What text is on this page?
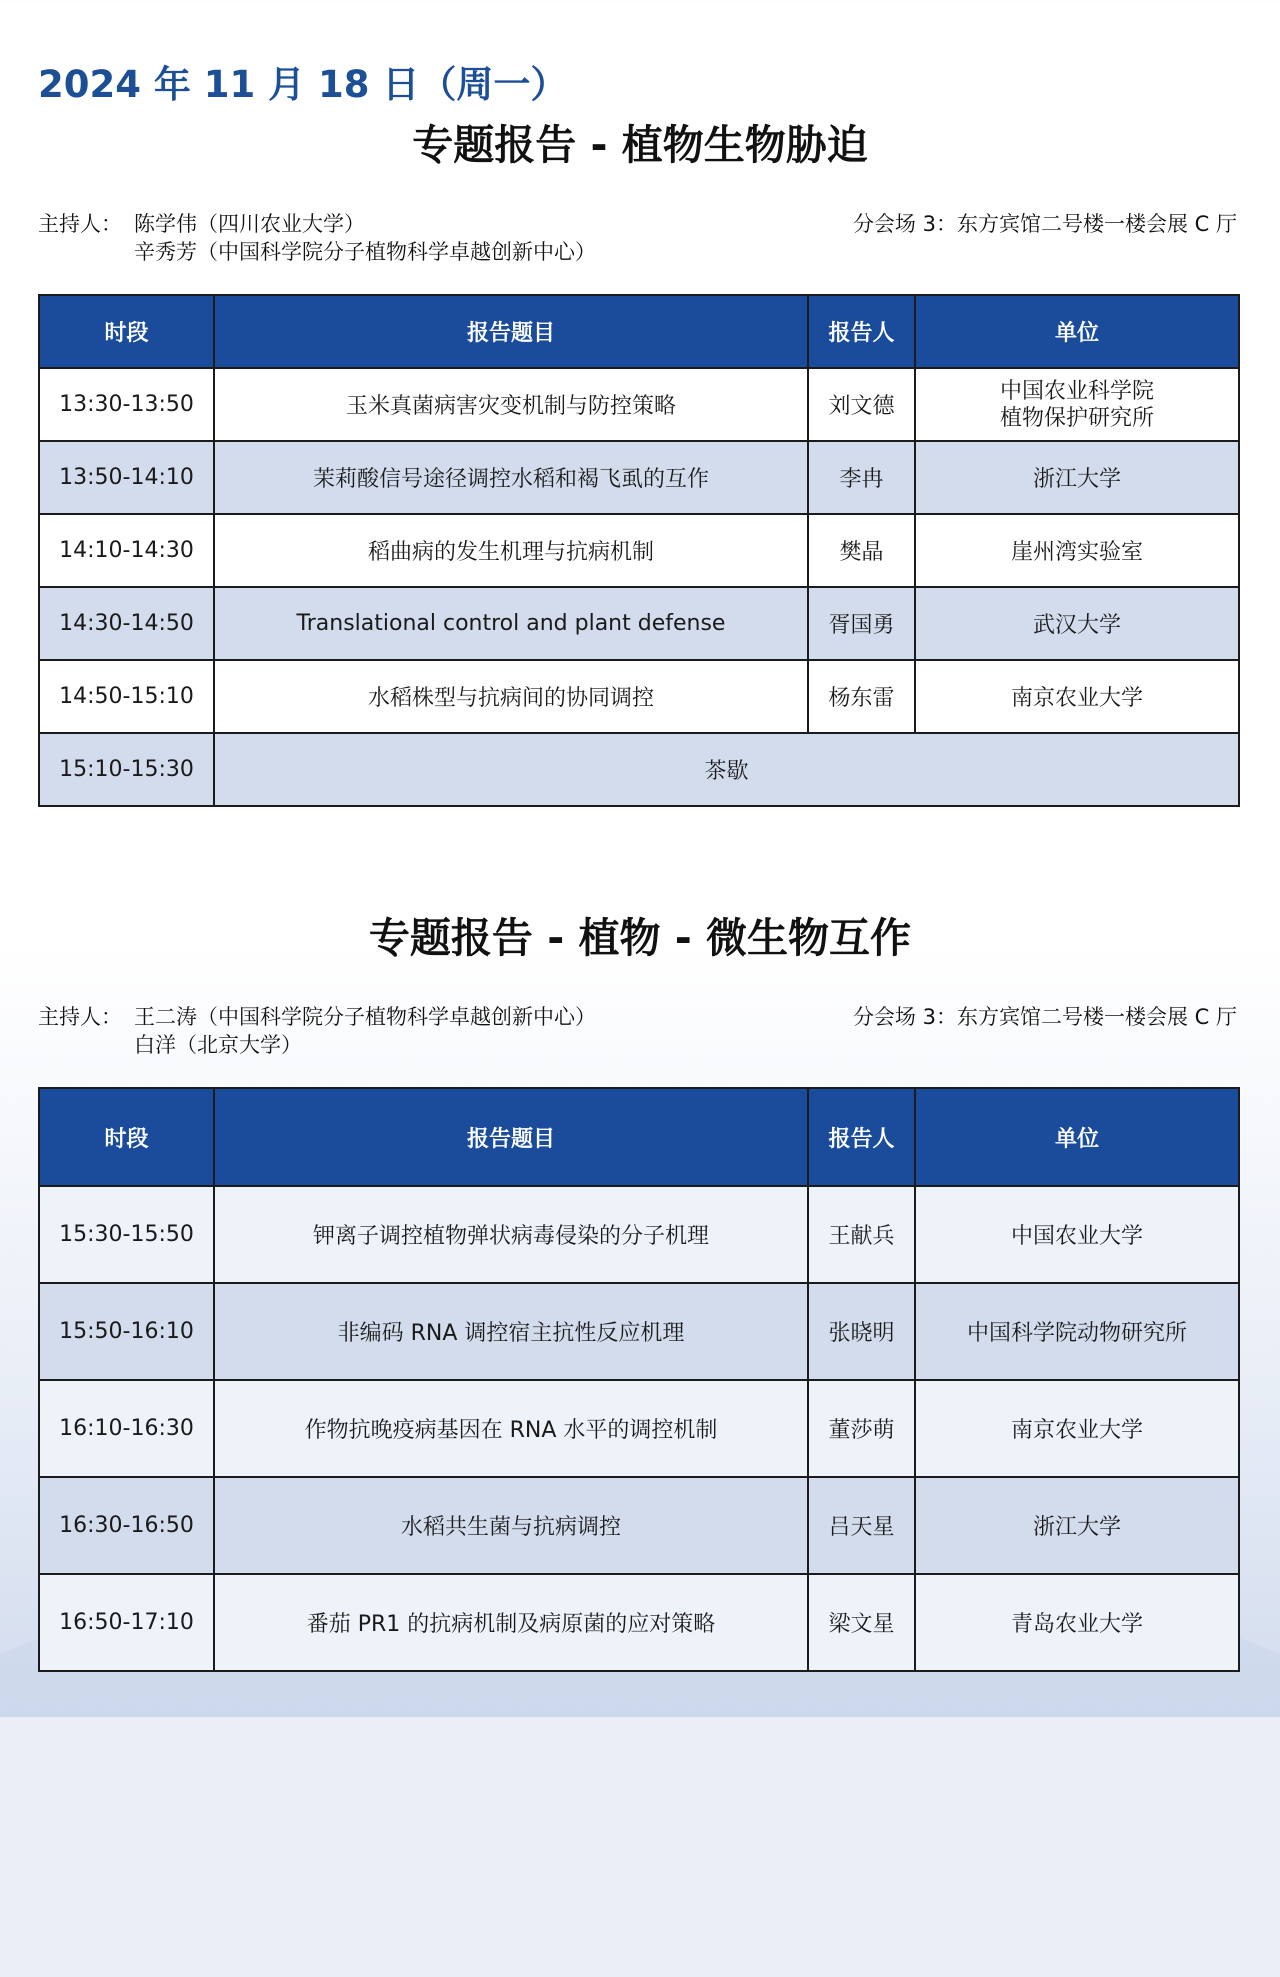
2024 年 11 月 18 日（周一）
专题报告 - 植物生物胁迫
主持人： 陈学伟（四川农业大学）
辛秀芳（中国科学院分子植物科学卓越创新中心）
分会场 3：东方宾馆二号楼一楼会展 C 厅
时段	报告题目	报告人	单位
13:30-13:50	玉米真菌病害灾变机制与防控策略	刘文德	中国农业科学院
植物保护研究所

13:50-14:10	茉莉酸信号途径调控水稻和褐飞虱的互作	李冉	浙江大学
14:10-14:30	稻曲病的发生机理与抗病机制	樊晶	崖州湾实验室
14:30-14:50	Translational control and plant defense	胥国勇	武汉大学
14:50-15:10	水稻株型与抗病间的协同调控	杨东雷	南京农业大学
15:10-15:30	茶歇		
专题报告 - 植物 - 微生物互作
主持人： 王二涛（中国科学院分子植物科学卓越创新中心）
白洋（北京大学）
分会场 3：东方宾馆二号楼一楼会展 C 厅
时段	报告题目	报告人	单位
15:30-15:50	钾离子调控植物弹状病毒侵染的分子机理	王献兵	中国农业大学
15:50-16:10	非编码 RNA 调控宿主抗性反应机理	张晓明	中国科学院动物研究所
16:10-16:30	作物抗晚疫病基因在 RNA 水平的调控机制	董莎萌	南京农业大学
16:30-16:50	水稻共生菌与抗病调控	吕天星	浙江大学
16:50-17:10	番茄 PR1 的抗病机制及病原菌的应对策略	梁文星	青岛农业大学
